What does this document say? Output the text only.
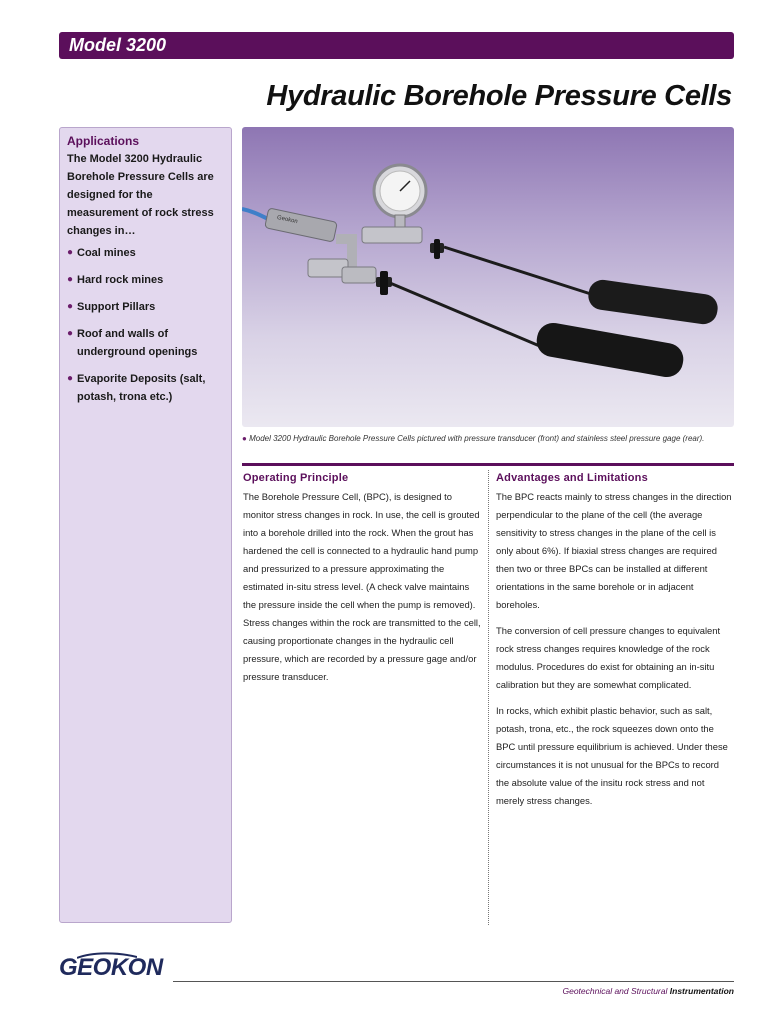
Model 3200
Hydraulic Borehole Pressure Cells
Applications
The Model 3200 Hydraulic Borehole Pressure Cells are designed for the measurement of rock stress changes in…
● Coal mines
● Hard rock mines
● Support Pillars
● Roof and walls of underground openings
● Evaporite Deposits (salt, potash, trona etc.)
Geokon
● Model 3200 Hydraulic Borehole Pressure Cells pictured with pressure transducer (front) and stainless steel pressure gage (rear).
Operating Principle

The Borehole Pressure Cell, (BPC), is designed to monitor stress changes in rock. In use, the cell is grouted into a borehole drilled into the rock. When the grout has hardened the cell is connected to a hydraulic hand pump and pressurized to a pressure approximating the estimated in-situ stress level. (A check valve maintains the pressure inside the cell when the pump is removed). Stress changes within the rock are transmitted to the cell, causing proportionate changes in the hydraulic cell pressure, which are recorded by a pressure gage and/or pressure transducer.

Advantages and Limitations

The BPC reacts mainly to stress changes in the direction perpendicular to the plane of the cell (the average sensitivity to stress changes in the plane of the cell is only about 6%). If biaxial stress changes are required then two or three BPCs can be installed at different orientations in the same borehole or in adjacent boreholes.

The conversion of cell pressure changes to equivalent rock stress changes requires knowledge of the rock modulus. Procedures do exist for obtaining an in-situ calibration but they are somewhat complicated.

In rocks, which exhibit plastic behavior, such as salt, potash, trona, etc., the rock squeezes down onto the BPC until pressure equilibrium is achieved. Under these circumstances it is not unusual for the BPCs to record the absolute value of the insitu rock stress and not merely stress changes.

GEOKON
Geotechnical and Structural Instrumentation
